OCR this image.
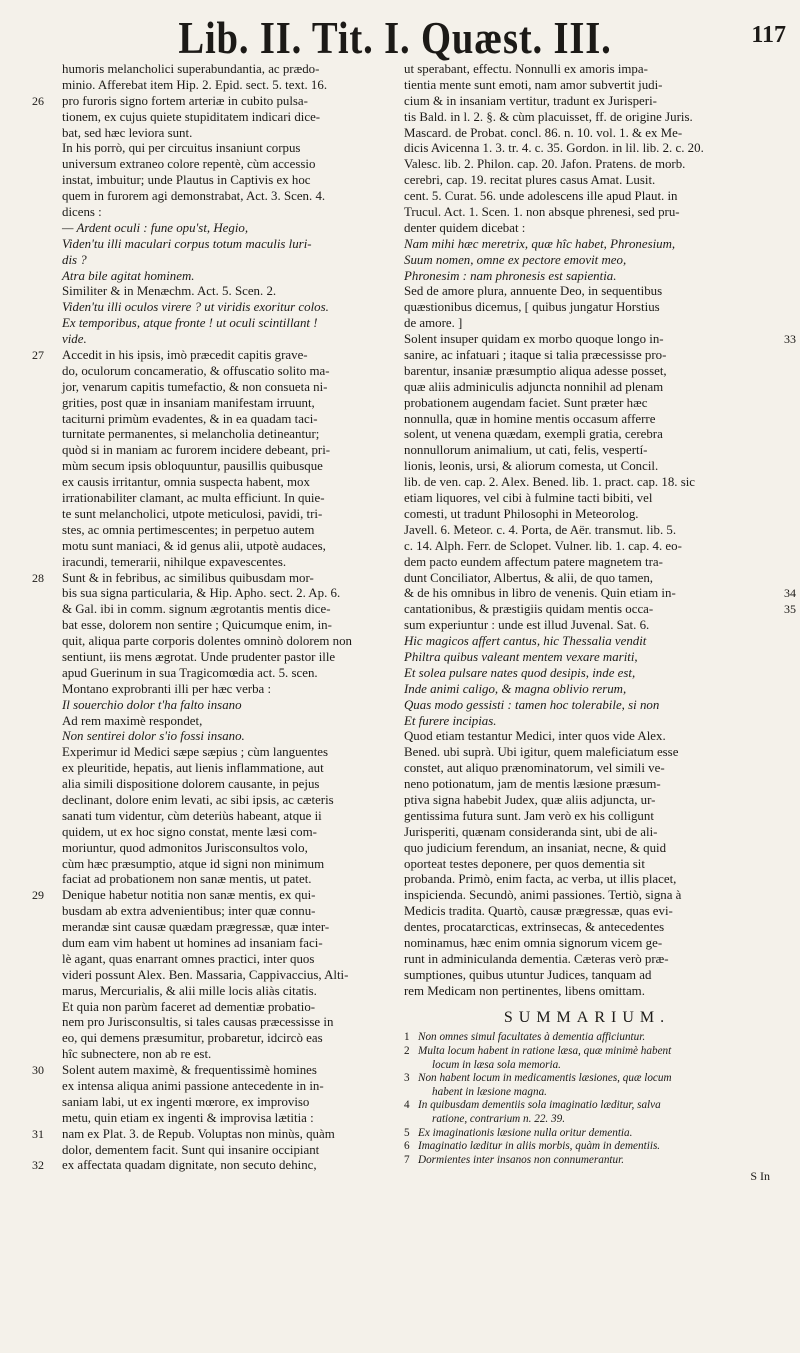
Lib. II. Tit. I. Quæst. III.	117
humoris melancholici superabundantia, ac prædo-
minio. Afferebat item Hip. 2. Epid. sect. 5. text. 16.
26 pro furoris signo fortem arteriæ in cubito pulsa-
tionem, ex cujus quiete stupiditatem indicari dice-
bat, sed hæc leviora sunt.
In his porrò, qui per circuitus insaniunt corpus
universum extraneo colore repentè, cùm accessio
instat, imbuitur; unde Plautus in Captivis ex hoc
quem in furorem agi demonstrabat, Act. 3. Scen. 4.
dicens :
— Ardent oculi : fune opu'st, Hegio,
Viden'tu illi maculari corpus totum maculis luri-
dis ?
Atra bile agitat hominem.
Similiter & in Menæchm. Act. 5. Scen. 2.
Viden'tu illi oculos virere ? ut viridis exoritur colos.
Ex temporibus, atque fronte ! ut oculi scintillant !
vide.
27 Accedit in his ipsis, imò præcedit capitis grave-
do, oculorum concameratio, & offuscatio solito ma-
jor, venarum capitis tumefactio, & non consueta ni-
grities, post quæ in insaniam manifestam irruunt,
taciturni primùm evadentes, & in ea quadam taci-
turnitate permanentes, si melancholia detineantur;
quòd si in maniam ac furorem incidere debeant, pri-
mùm secum ipsis obloquuntur, pausillis quibusque
ex causis irritantur, omnia suspecta habent, mox
irrationabiliter clamant, ac multa efficiunt. In quie-
te sunt melancholici, utpote meticulosi, pavidi, tri-
stes, ac omnia pertimescentes; in perpetuo autem
motu sunt maniaci, & id genus alii, utpotè audaces,
iracundi, temerarii, nihilque expavescentes.
28 Sunt & in febribus, ac similibus quibusdam mor-
bis sua signa particularia, & Hip. Apho. sect. 2. Ap. 6.
& Gal. ibi in comm. signum ægrotantis mentis dice-
bat esse, dolorem non sentire ; Quicumque enim, in-
quit, aliqua parte corporis dolentes omninò dolorem non
sentiunt, iis mens ægrotat. Unde prudenter pastor ille
apud Guerinum in sua Tragicomœdia act. 5. scen.
Montano exprobranti illi per hæc verba :
Il souerchio dolor t'ha falto insano
Ad rem maximè respondet,
Non sentirei dolor s'io fossi insano.
Experimur id Medici sæpe sæpius ; cùm languentes
ex pleuritide, hepatis, aut lienis inflammatione, aut
alia simili dispositione dolorem causante, in pejus
declinant, dolore enim levati, ac sibi ipsis, ac cæteris
sanati tum videntur, cùm deteriùs habeant, atque ii
quidem, ut ex hoc signo constat, mente læsi com-
moriuntur, quod admonitos Jurisconsultos volo,
cùm hæc præsumptio, atque id signi non minimum
faciat ad probationem non sanæ mentis, ut patet.
29 Denique habetur notitia non sanæ mentis, ex qui-
busdam ab extra advenientibus; inter quæ connu-
merandæ sint causæ quædam prægressæ, quæ inter-
dum eam vim habent ut homines ad insaniam faci-
lè agant, quas enarrant omnes practici, inter quos
videri possunt Alex. Ben. Massaria, Cappivaccius, Alti-
marus, Mercurialis, & alii mille locis aliàs citatis.
Et quia non parùm faceret ad dementiæ probatio-
nem pro Jurisconsultis, si tales causas præcessisse in
eo, qui demens præsumitur, probaretur, idcircò eas
hîc subnectere, non ab re est.
30 Solent autem maximè, & frequentissimè homines
ex intensa aliqua animi passione antecedente in in-
saniam labi, ut ex ingenti mœrore, ex improviso
metu, quin etiam ex ingenti & improvisa lætitia :
31 nam ex Plat. 3. de Repub. Voluptas non minùs, quàm
dolor, dementem facit. Sunt qui insanire occipiant
32 ex affectata quadam dignitate, non secuto dehinc,
ut sperabant, effectu. Nonnulli ex amoris impa-
tientia mente sunt emoti, nam amor subvertit judi-
cium & in insaniam vertitur, tradunt ex Jurisperi-
tis Bald. in l. 2. §. & cùm placuisset, ff. de origine Juris.
Mascard. de Probat. concl. 86. n. 10. vol. 1. & ex Me-
dicis Avicenna 1. 3. tr. 4. c. 35. Gordon. in lil. lib. 2. c. 20.
Valesc. lib. 2. Philon. cap. 20. Jafon. Pratens. de morb.
cerebri, cap. 19. recitat plures casus Amat. Lusit.
cent. 5. Curat. 56. unde adolescens ille apud Plaut. in
Trucul. Act. 1. Scen. 1. non absque phrenesi, sed pru-
denter quidem dicebat :
Nam mihi hæc meretrix, quæ hîc habet, Phronesium,
Suum nomen, omne ex pectore emovit meo,
Phronesim : nam phronesis est sapientia.
Sed de amore plura, annuente Deo, in sequentibus
quæstionibus dicemus, [ quibus jungatur Horstius
de amore. ]
33
Solent insuper quidam ex morbo quoque longo in-
sanire, ac infatuari ; itaque si talia præcessisse pro-
barentur, insaniæ præsumptio aliqua adesse posset,
quæ aliis adminiculis adjuncta nonnihil ad plenam
probationem augendam faciet. Sunt præter hæc
nonnulla, quæ in homine mentis occasum afferre
solent, ut venena quædam, exempli gratia, cerebra
nonnullorum animalium, ut cati, felis, vespertí-
lionis, leonis, ursi, & aliorum comesta, ut Concil.
lib. de ven. cap. 2. Alex. Bened. lib. 1. pract. cap. 18. sic
etiam liquores, vel cibi à fulmine tacti bibiti, vel
comesti, ut tradunt Philosophi in Meteorolog.
Javell. 6. Meteor. c. 4. Porta, de Aër. transmut. lib. 5.
c. 14. Alph. Ferr. de Sclopet. Vulner. lib. 1. cap. 4. eo-
dem pacto eundem affectum patere magnetem tra-
dunt Conciliator, Albertus, & alii, de quo tamen,
34
& de his omnibus in libro de venenis. Quin etiam in-
35
cantationibus, & præstigiis quidam mentis occa-
sum experiuntur : unde est illud Juvenal. Sat. 6.
Hic magicos affert cantus, hic Thessalia vendit
Philtra quibus valeant mentem vexare mariti,
Et solea pulsare nates quod desipis, inde est,
Inde animi caligo, & magna oblivio rerum,
Quas modo gessisti : tamen hoc tolerabile, si non
Et furere incipias.
Quod etiam testantur Medici, inter quos vide Alex.
Bened. ubi suprà. Ubi igitur, quem maleficiatum esse
constet, aut aliquo prænominatorum, vel simili ve-
neno potionatum, jam de mentis læsione præsum-
ptiva signa habebit Judex, quæ aliis adjuncta, ur-
gentissima futura sunt. Jam verò ex his colligunt
Jurisperiti, quænam consideranda sint, ubi de ali-
quo judicium ferendum, an insaniat, necne, & quid
oporteat testes deponere, per quos dementia sit
probanda. Primò, enim facta, ac verba, ut illis placet,
inspicienda. Secundò, animi passiones. Tertiò, signa à
Medicis tradita. Quartò, causæ prægressæ, quas evi-
dentes, procatarcticas, extrinsecas, & antecedentes
nominamus, hæc enim omnia signorum vicem ge-
runt in adminiculanda dementia. Cæteras verò præ-
sumptiones, quibus utuntur Judices, tanquam ad
rem Medicam non pertinentes, libens omittam.
SUMMARIUM.
1 Non omnes simul facultates à dementia afficiuntur.
2 Multa locum habent in ratione læsa, quæ minimè habent
locum in læsa sola memoria.
3 Non habent locum in medicamentis læsiones, quæ locum
habent in læsione magna.
4 In quibusdam dementiis sola imaginatio læditur, salva
ratione, contrarium n. 22. 39.
5 Ex imaginationis læsione nulla oritur dementia.
6 Imaginatio læditur in aliis morbis, quàm in dementiis.
7 Dormientes inter insanos non connumerantur.
S In
